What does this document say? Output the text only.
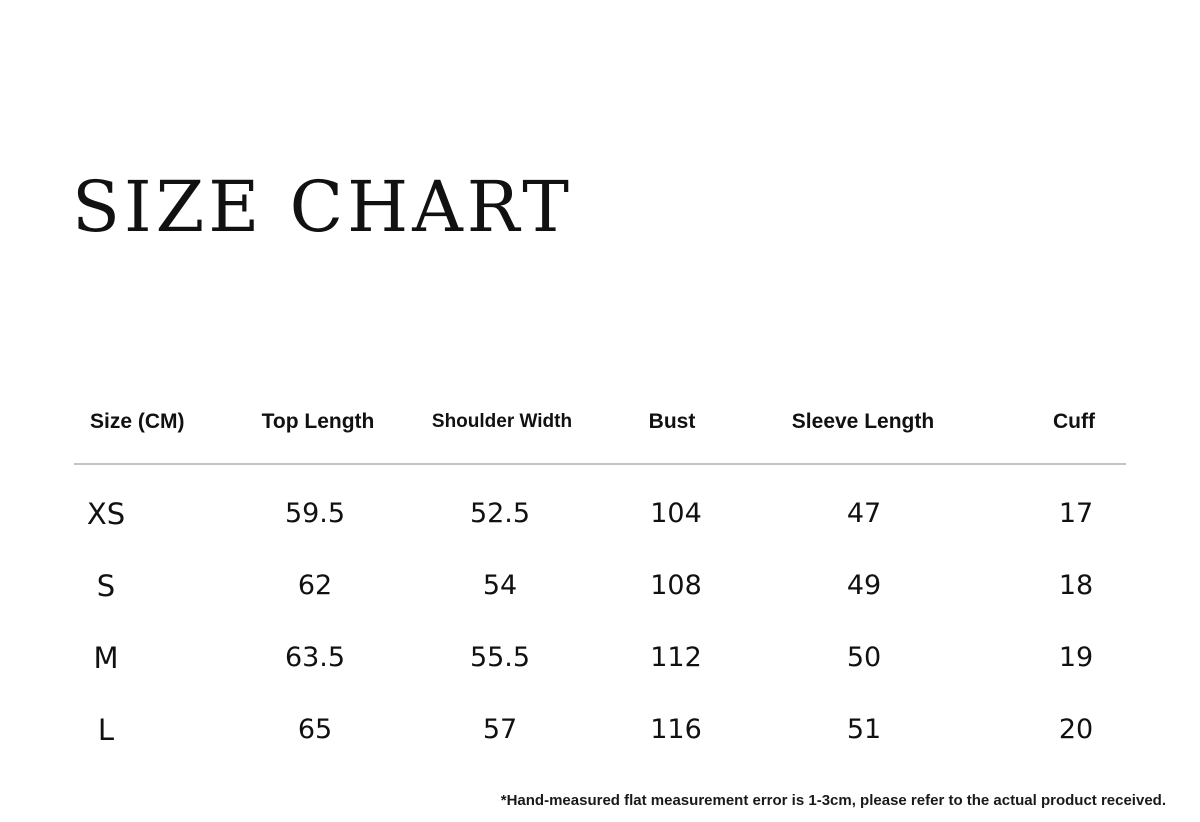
SIZE CHART
Size (CM)	Top Length	Shoulder Width	Bust	Sleeve Length	Cuff
XS	59.5	52.5	104	47	17
S	62	54	108	49	18
M	63.5	55.5	112	50	19
L	65	57	116	51	20
*Hand-measured flat measurement error is 1-3cm, please refer to the actual product received.
